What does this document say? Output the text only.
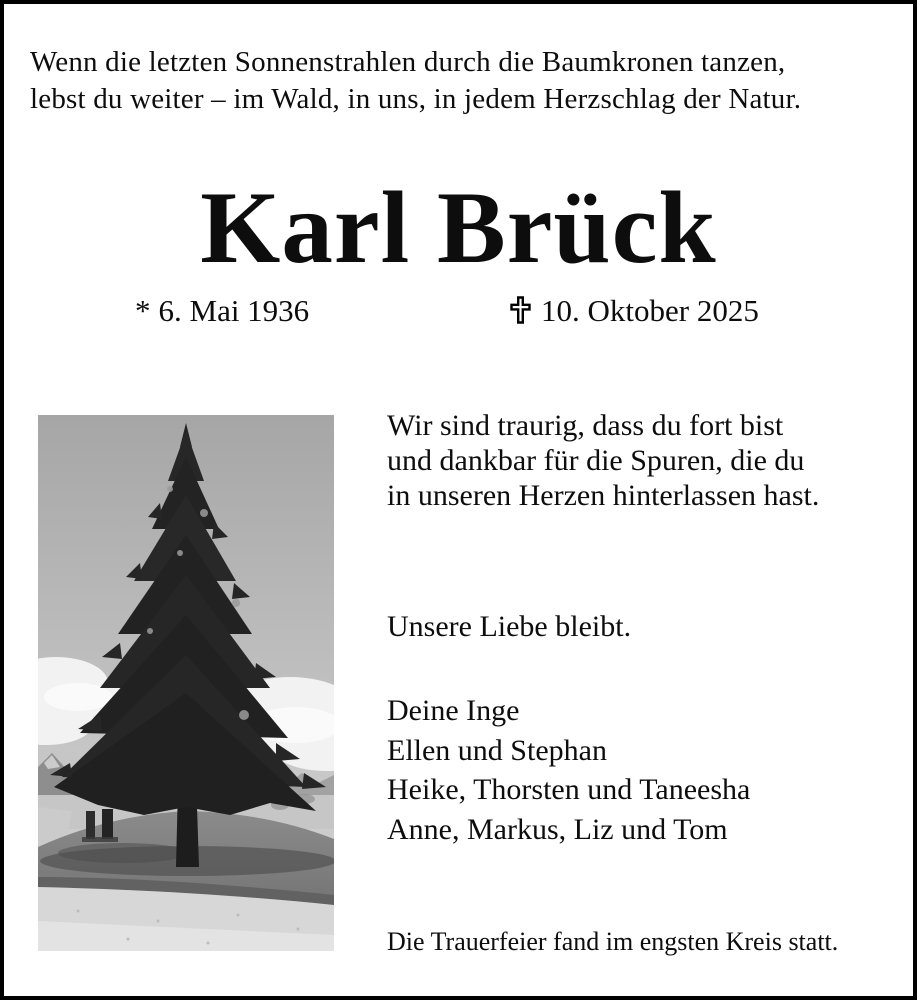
Wenn die letzten Sonnenstrahlen durch die Baumkronen tanzen,
lebst du weiter – im Wald, in uns, in jedem Herzschlag der Natur.
Karl Brück
* 6. Mai 1936	10. Oktober 2025
Wir sind traurig, dass du fort bist
und dankbar für die Spuren, die du
in unseren Herzen hinterlassen hast.
Unsere Liebe bleibt.
Deine Inge
Ellen und Stephan
Heike, Thorsten und Taneesha
Anne, Markus, Liz und Tom
Die Trauerfeier fand im engsten Kreis statt.
